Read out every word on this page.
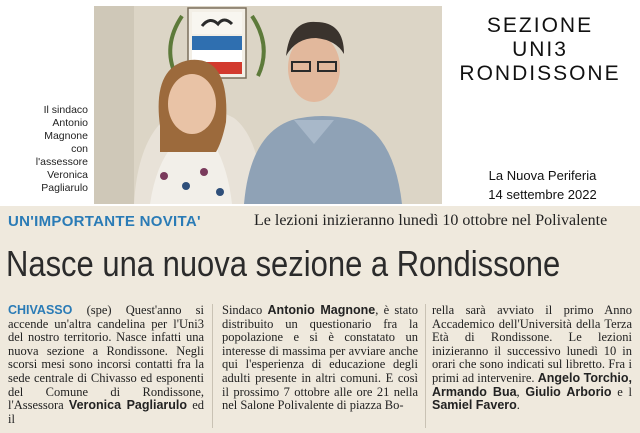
Il sindaco
Antonio
Magnone
con
l'assessore
Veronica
Pagliarulo
SEZIONE
UNI3
RONDISSONE
La Nuova Periferia
14 settembre 2022
UN'IMPORTANTE NOVITA'	Le lezioni inizieranno lunedì 10 ottobre nel Polivalente
Nasce una nuova sezione a Rondissone
CHIVASSO (spe) Quest'anno si accende un'altra candelina per l'Uni3 del nostro territorio. Nasce infatti una nuova sezione a Rondissone. Negli scorsi mesi sono incorsi contatti fra la sede centrale di Chivasso ed esponenti del Comune di Rondissone, l'Assessora Veronica Pagliarulo ed il
Sindaco Antonio Magnone, è stato distribuito un questionario fra la popolazione e si è constatato un interesse di massima per avviare anche qui l'esperienza di educazione degli adulti presente in altri comuni. E così il prossimo 7 ottobre alle ore 21 nella nel Salone Polivalente di piazza Bo-
rella sarà avviato il primo Anno Accademico dell'Università della Terza Età di Rondissone. Le lezioni inizieranno il successivo lunedì 10 in orari che sono indicati sul libretto. Fra i primi ad intervenire. Angelo Torchio, Armando Bua, Giulio Arborio e l Samiel Favero.
